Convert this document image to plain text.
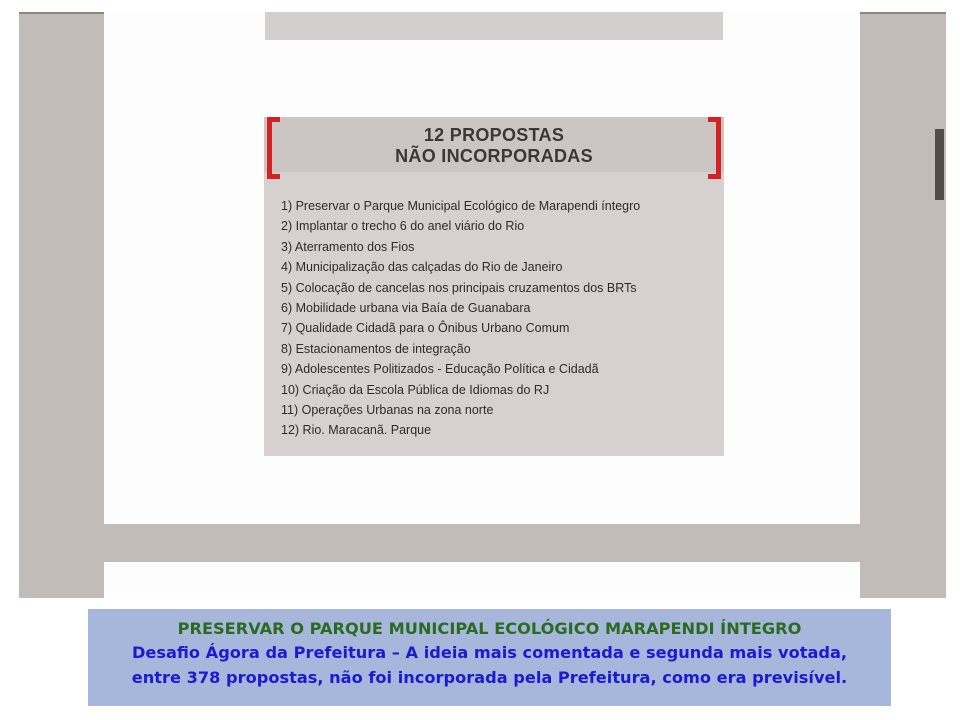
12 PROPOSTAS
NÃO INCORPORADAS
1) Preservar o Parque Municipal Ecológico de Marapendi íntegro
2) Implantar o trecho 6 do anel viário do Rio
3) Aterramento dos Fios
4) Municipalização das calçadas do Rio de Janeiro
5) Colocação de cancelas nos principais cruzamentos dos BRTs
6) Mobilidade urbana via Baía de Guanabara
7) Qualidade Cidadã para o Ônibus Urbano Comum
8) Estacionamentos de integração
9) Adolescentes Politizados - Educação Política e Cidadã
10) Criação da Escola Pública de Idiomas do RJ
11) Operações Urbanas na zona norte
12) Rio. Maracanã. Parque
PRESERVAR O PARQUE MUNICIPAL ECOLÓGICO MARAPENDI ÍNTEGRO
Desafio Ágora da Prefeitura – A ideia mais comentada e segunda mais votada,
entre 378 propostas, não foi incorporada pela Prefeitura, como era previsível.
